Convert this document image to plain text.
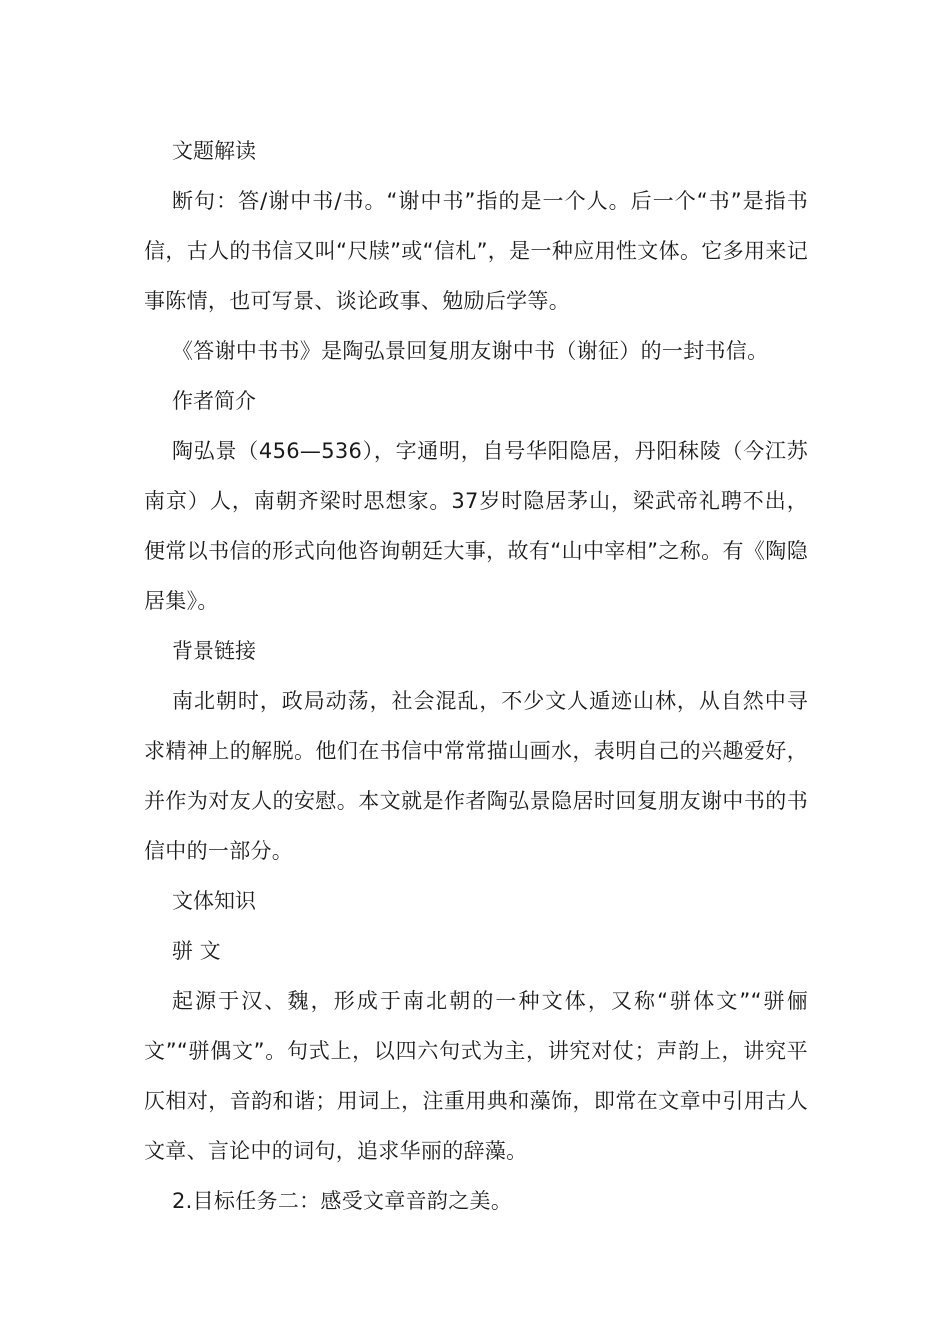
文题解读

断句：答/谢中书/书。“谢中书”指的是一个人。后一个“书”是指书信，古人的书信又叫“尺牍”或“信札”，是一种应用性文体。它多用来记事陈情，也可写景、谈论政事、勉励后学等。

《答谢中书书》是陶弘景回复朋友谢中书（谢征）的一封书信。

作者简介

陶弘景（456—536），字通明，自号华阳隐居，丹阳秣陵（今江苏南京）人，南朝齐梁时思想家。37岁时隐居茅山，梁武帝礼聘不出，便常以书信的形式向他咨询朝廷大事，故有“山中宰相”之称。有《陶隐居集》。

背景链接

南北朝时，政局动荡，社会混乱，不少文人遁迹山林，从自然中寻求精神上的解脱。他们在书信中常常描山画水，表明自己的兴趣爱好，并作为对友人的安慰。本文就是作者陶弘景隐居时回复朋友谢中书的书信中的一部分。

文体知识

骈 文

起源于汉、魏，形成于南北朝的一种文体，又称“骈体文”“骈俪文”“骈偶文”。句式上，以四六句式为主，讲究对仗；声韵上，讲究平仄相对，音韵和谐；用词上，注重用典和藻饰，即常在文章中引用古人文章、言论中的词句，追求华丽的辞藻。

2.目标任务二：感受文章音韵之美。
